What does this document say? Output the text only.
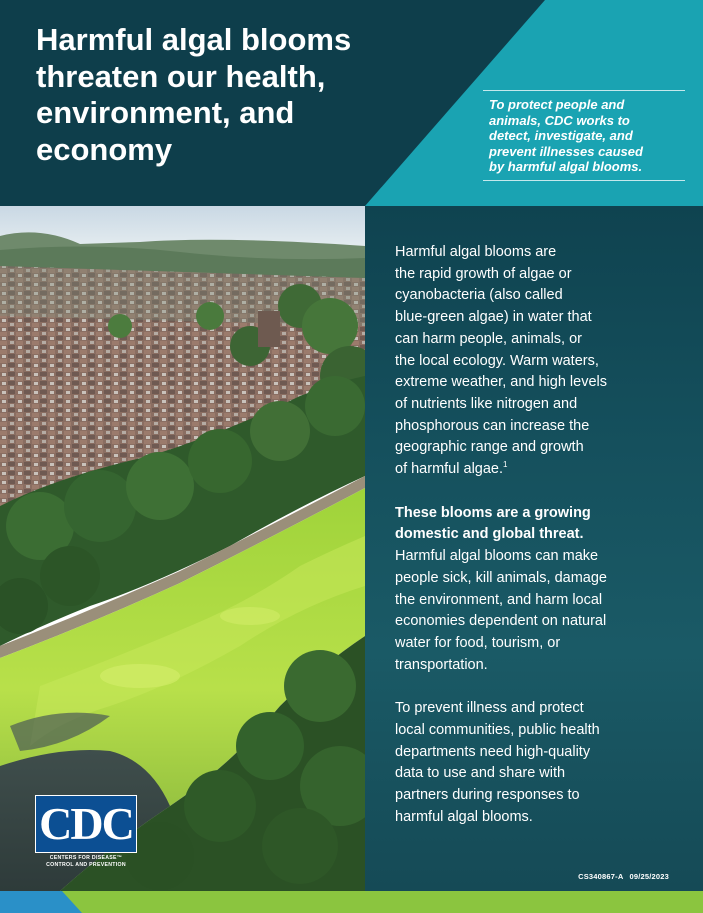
Harmful algal blooms
threaten our health,
environment, and
economy
To protect people and
animals, CDC works to
detect, investigate, and
prevent illnesses caused
by harmful algal blooms.
CDC
CENTERS FOR DISEASE™
CONTROL AND PREVENTION

Harmful algal blooms are
the rapid growth of algae or
cyanobacteria (also called
blue-green algae) in water that
can harm people, animals, or
the local ecology. Warm waters,
extreme weather, and high levels
of nutrients like nitrogen and
phosphorous can increase the
geographic range and growth
of harmful algae.$^1$

These blooms are a growing
domestic and global threat.
Harmful algal blooms can make
people sick, kill animals, damage
the environment, and harm local
economies dependent on natural
water for food, tourism, or
transportation.

To prevent illness and protect
local communities, public health
departments need high-quality
data to use and share with
partners during responses to
harmful algal blooms.

CS340867-A 09/25/2023
